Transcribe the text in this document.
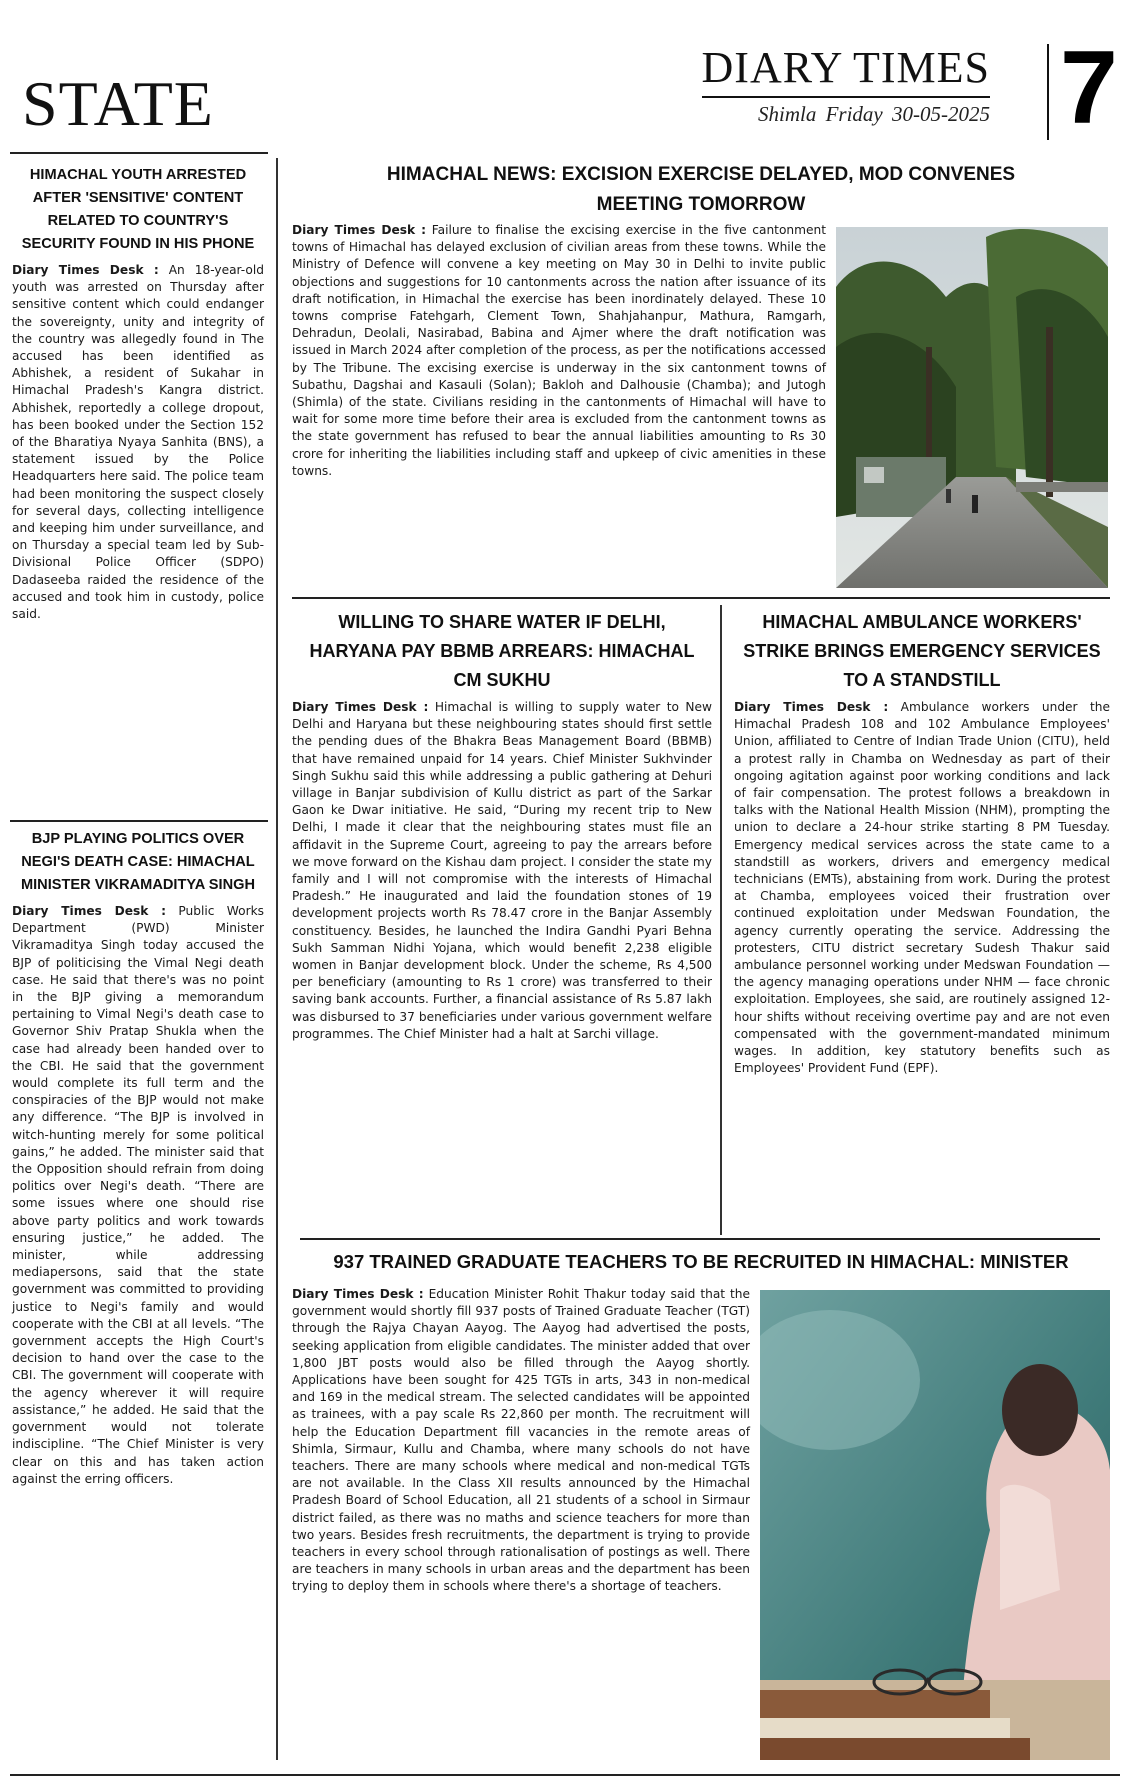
STATE
DIARY TIMES
Shimla Friday 30-05-2025 7
HIMACHAL YOUTH ARRESTED AFTER 'SENSITIVE' CONTENT RELATED TO COUNTRY'S SECURITY FOUND IN HIS PHONE

Diary Times Desk : An 18-year-old youth was arrested on Thursday after sensitive content which could endanger the sovereignty, unity and integrity of the country was allegedly found in The accused has been identified as Abhishek, a resident of Sukahar in Himachal Pradesh's Kangra district. Abhishek, reportedly a college dropout, has been booked under the Section 152 of the Bharatiya Nyaya Sanhita (BNS), a statement issued by the Police Headquarters here said. The police team had been monitoring the suspect closely for several days, collecting intelligence and keeping him under surveillance, and on Thursday a special team led by Sub-Divisional Police Officer (SDPO) Dadaseeba raided the residence of the accused and took him in custody, police said.

BJP PLAYING POLITICS OVER NEGI'S DEATH CASE: HIMACHAL MINISTER VIKRAMADITYA SINGH

Diary Times Desk : Public Works Department (PWD) Minister Vikramaditya Singh today accused the BJP of politicising the Vimal Negi death case. He said that there's was no point in the BJP giving a memorandum pertaining to Vimal Negi's death case to Governor Shiv Pratap Shukla when the case had already been handed over to the CBI. He said that the government would complete its full term and the conspiracies of the BJP would not make any difference. “The BJP is involved in witch-hunting merely for some political gains,” he added. The minister said that the Opposition should refrain from doing politics over Negi's death. “There are some issues where one should rise above party politics and work towards ensuring justice,” he added. The minister, while addressing mediapersons, said that the state government was committed to providing justice to Negi's family and would cooperate with the CBI at all levels. “The government accepts the High Court's decision to hand over the case to the CBI. The government will cooperate with the agency wherever it will require assistance,” he added. He said that the government would not tolerate indiscipline. “The Chief Minister is very clear on this and has taken action against the erring officers.

HIMACHAL NEWS: EXCISION EXERCISE DELAYED, MOD CONVENES MEETING TOMORROW

Diary Times Desk : Failure to finalise the excising exercise in the five cantonment towns of Himachal has delayed exclusion of civilian areas from these towns. While the Ministry of Defence will convene a key meeting on May 30 in Delhi to invite public objections and suggestions for 10 cantonments across the nation after issuance of its draft notification, in Himachal the exercise has been inordinately delayed. These 10 towns comprise Fatehgarh, Clement Town, Shahjahanpur, Mathura, Ramgarh, Dehradun, Deolali, Nasirabad, Babina and Ajmer where the draft notification was issued in March 2024 after completion of the process, as per the notifications accessed by The Tribune. The excising exercise is underway in the six cantonment towns of Subathu, Dagshai and Kasauli (Solan); Bakloh and Dalhousie (Chamba); and Jutogh (Shimla) of the state. Civilians residing in the cantonments of Himachal will have to wait for some more time before their area is excluded from the cantonment towns as the state government has refused to bear the annual liabilities amounting to Rs 30 crore for inheriting the liabilities including staff and upkeep of civic amenities in these towns.

WILLING TO SHARE WATER IF DELHI, HARYANA PAY BBMB ARREARS: HIMACHAL CM SUKHU

Diary Times Desk : Himachal is willing to supply water to New Delhi and Haryana but these neighbouring states should first settle the pending dues of the Bhakra Beas Management Board (BBMB) that have remained unpaid for 14 years. Chief Minister Sukhvinder Singh Sukhu said this while addressing a public gathering at Dehuri village in Banjar subdivision of Kullu district as part of the Sarkar Gaon ke Dwar initiative. He said, “During my recent trip to New Delhi, I made it clear that the neighbouring states must file an affidavit in the Supreme Court, agreeing to pay the arrears before we move forward on the Kishau dam project. I consider the state my family and I will not compromise with the interests of Himachal Pradesh.” He inaugurated and laid the foundation stones of 19 development projects worth Rs 78.47 crore in the Banjar Assembly constituency. Besides, he launched the Indira Gandhi Pyari Behna Sukh Samman Nidhi Yojana, which would benefit 2,238 eligible women in Banjar development block. Under the scheme, Rs 4,500 per beneficiary (amounting to Rs 1 crore) was transferred to their saving bank accounts. Further, a financial assistance of Rs 5.87 lakh was disbursed to 37 beneficiaries under various government welfare programmes. The Chief Minister had a halt at Sarchi village.

HIMACHAL AMBULANCE WORKERS' STRIKE BRINGS EMERGENCY SERVICES TO A STANDSTILL

Diary Times Desk : Ambulance workers under the Himachal Pradesh 108 and 102 Ambulance Employees' Union, affiliated to Centre of Indian Trade Union (CITU), held a protest rally in Chamba on Wednesday as part of their ongoing agitation against poor working conditions and lack of fair compensation. The protest follows a breakdown in talks with the National Health Mission (NHM), prompting the union to declare a 24-hour strike starting 8 PM Tuesday. Emergency medical services across the state came to a standstill as workers, drivers and emergency medical technicians (EMTs), abstaining from work. During the protest at Chamba, employees voiced their frustration over continued exploitation under Medswan Foundation, the agency currently operating the service. Addressing the protesters, CITU district secretary Sudesh Thakur said ambulance personnel working under Medswan Foundation — the agency managing operations under NHM — face chronic exploitation. Employees, she said, are routinely assigned 12-hour shifts without receiving overtime pay and are not even compensated with the government-mandated minimum wages. In addition, key statutory benefits such as Employees' Provident Fund (EPF).

937 TRAINED GRADUATE TEACHERS TO BE RECRUITED IN HIMACHAL: MINISTER

Diary Times Desk : Education Minister Rohit Thakur today said that the government would shortly fill 937 posts of Trained Graduate Teacher (TGT) through the Rajya Chayan Aayog. The Aayog had advertised the posts, seeking application from eligible candidates. The minister added that over 1,800 JBT posts would also be filled through the Aayog shortly. Applications have been sought for 425 TGTs in arts, 343 in non-medical and 169 in the medical stream. The selected candidates will be appointed as trainees, with a pay scale Rs 22,860 per month. The recruitment will help the Education Department fill vacancies in the remote areas of Shimla, Sirmaur, Kullu and Chamba, where many schools do not have teachers. There are many schools where medical and non-medical TGTs are not available. In the Class XII results announced by the Himachal Pradesh Board of School Education, all 21 students of a school in Sirmaur district failed, as there was no maths and science teachers for more than two years. Besides fresh recruitments, the department is trying to provide teachers in every school through rationalisation of postings as well. There are teachers in many schools in urban areas and the department has been trying to deploy them in schools where there's a shortage of teachers.
